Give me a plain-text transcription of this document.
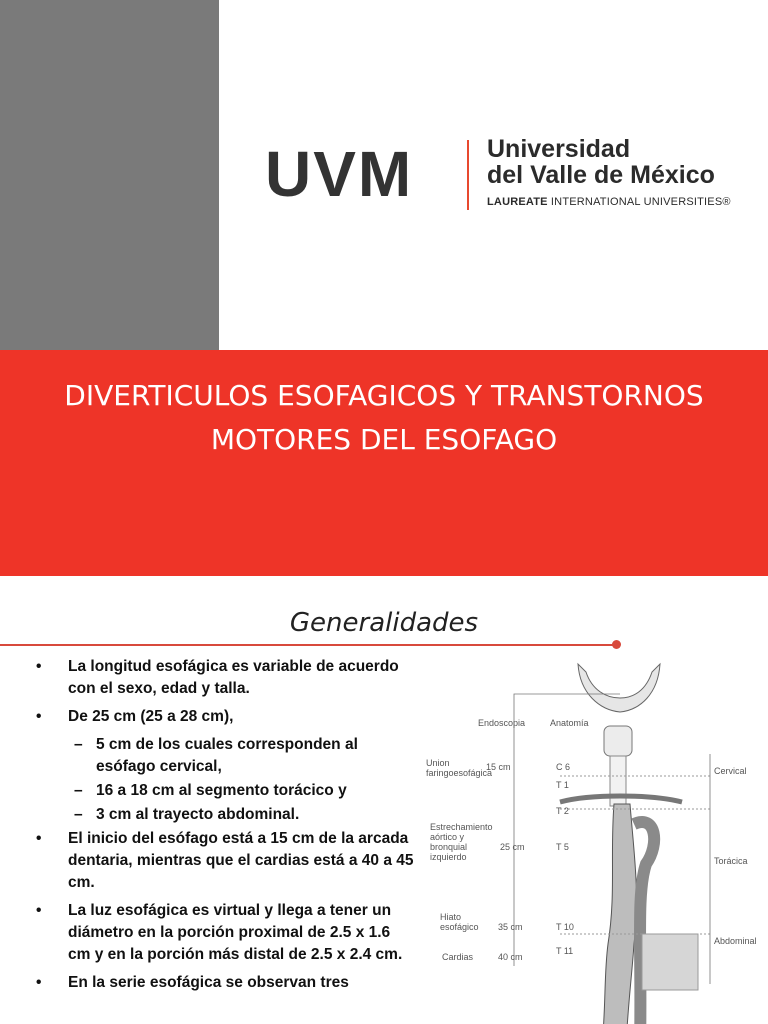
UVM	Universidad
del Valle de México
LAUREATE INTERNATIONAL UNIVERSITIES®
DIVERTICULOS ESOFAGICOS Y TRANSTORNOS
MOTORES DEL ESOFAGO
Generalidades
• La longitud esofágica es variable de acuerdo con el sexo, edad y talla.
• De 25 cm (25 a 28 cm),
– 5 cm de los cuales corresponden al esófago cervical,
– 16 a 18 cm al segmento torácico y
– 3 cm al trayecto abdominal.
• El inicio del esófago está a 15 cm de la arcada dentaria, mientras que el cardias está a 40 a 45 cm.
• La luz esofágica es virtual y llega a tener un diámetro en la porción proximal de 2.5 x 1.6 cm y en la porción más distal de 2.5 x 2.4 cm.
• En la serie esofágica se observan tres
Endoscopia	Anatomía
Union
faringoesofágica
15 cm	C 6
T 1
T 2
Cervical
Estrechamiento
aórtico y
bronquial
izquierdo
25 cm	T 5
Torácica
Hiato
esofágico 35 cm	T 10
Abdominal
Cardias	40 cm
T 11
